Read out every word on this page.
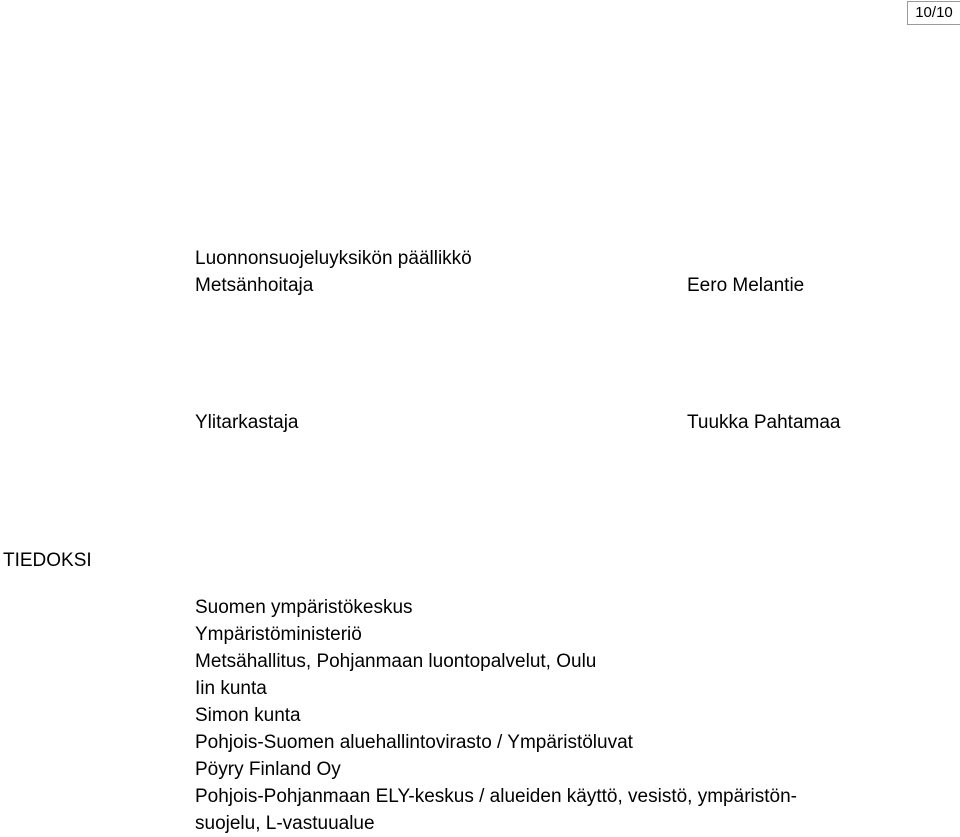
10/10
Luonnonsuojeluyksikön päällikkö
Metsänhoitaja	Eero Melantie
Ylitarkastaja	Tuukka Pahtamaa
TIEDOKSI
Suomen ympäristökeskus
Ympäristöministeriö
Metsähallitus, Pohjanmaan luontopalvelut, Oulu
Iin kunta
Simon kunta
Pohjois-Suomen aluehallintovirasto / Ympäristöluvat
Pöyry Finland Oy
Pohjois-Pohjanmaan ELY-keskus / alueiden käyttö, vesistö, ympäristön-
suojelu, L-vastuualue
